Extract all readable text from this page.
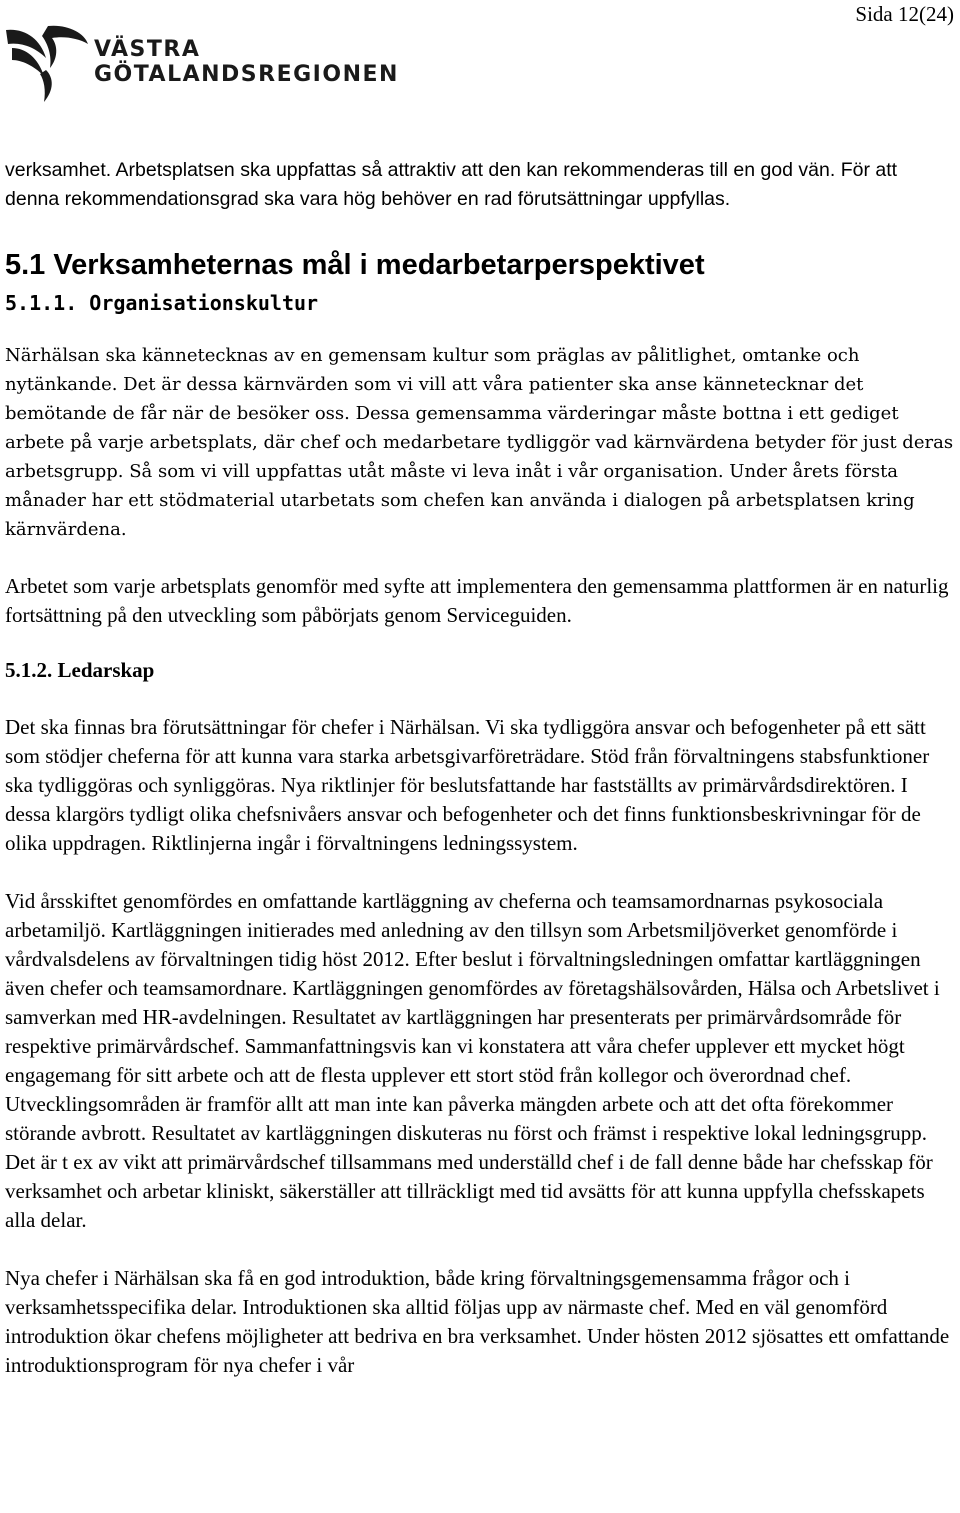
Sida 12(24)
VÄSTRA
GÖTALANDSREGIONEN

verksamhet. Arbetsplatsen ska uppfattas så attraktiv att den kan rekommenderas till en god vän. För att denna rekommendationsgrad ska vara hög behöver en rad förutsättningar uppfyllas.

5.1 Verksamheternas mål i medarbetarperspektivet
5.1.1. Organisationskultur

Närhälsan ska kännetecknas av en gemensam kultur som präglas av pålitlighet, omtanke och nytänkande. Det är dessa kärnvärden som vi vill att våra patienter ska anse kännetecknar det bemötande de får när de besöker oss. Dessa gemensamma värderingar måste bottna i ett gediget arbete på varje arbetsplats, där chef och medarbetare tydliggör vad kärnvärdena betyder för just deras arbetsgrupp. Så som vi vill uppfattas utåt måste vi leva inåt i vår organisation. Under årets första månader har ett stödmaterial utarbetats som chefen kan använda i dialogen på arbetsplatsen kring kärnvärdena.

Arbetet som varje arbetsplats genomför med syfte att implementera den gemensamma plattformen är en naturlig fortsättning på den utveckling som påbörjats genom Serviceguiden.

5.1.2. Ledarskap

Det ska finnas bra förutsättningar för chefer i Närhälsan. Vi ska tydliggöra ansvar och befogenheter på ett sätt som stödjer cheferna för att kunna vara starka arbetsgivarföreträdare. Stöd från förvaltningens stabsfunktioner ska tydliggöras och synliggöras. Nya riktlinjer för beslutsfattande har fastställts av primärvårdsdirektören. I dessa klargörs tydligt olika chefsnivåers ansvar och befogenheter och det finns funktionsbeskrivningar för de olika uppdragen. Riktlinjerna ingår i förvaltningens ledningssystem.

Vid årsskiftet genomfördes en omfattande kartläggning av cheferna och teamsamordnarnas psykosociala arbetamiljö. Kartläggningen initierades med anledning av den tillsyn som Arbetsmiljöverket genomförde i vårdvalsdelens av förvaltningen tidig höst 2012. Efter beslut i förvaltningsledningen omfattar kartläggningen även chefer och teamsamordnare. Kartläggningen genomfördes av företagshälsovården, Hälsa och Arbetslivet i samverkan med HR-avdelningen. Resultatet av kartläggningen har presenterats per primärvårdsområde för respektive primärvårdschef. Sammanfattningsvis kan vi konstatera att våra chefer upplever ett mycket högt engagemang för sitt arbete och att de flesta upplever ett stort stöd från kollegor och överordnad chef. Utvecklingsområden är framför allt att man inte kan påverka mängden arbete och att det ofta förekommer störande avbrott. Resultatet av kartläggningen diskuteras nu först och främst i respektive lokal ledningsgrupp. Det är t ex av vikt att primärvårdschef tillsammans med underställd chef i de fall denne både har chefsskap för verksamhet och arbetar kliniskt, säkerställer att tillräckligt med tid avsätts för att kunna uppfylla chefsskapets alla delar.

Nya chefer i Närhälsan ska få en god introduktion, både kring förvaltningsgemensamma frågor och i verksamhetsspecifika delar. Introduktionen ska alltid följas upp av närmaste chef. Med en väl genomförd introduktion ökar chefens möjligheter att bedriva en bra verksamhet. Under hösten 2012 sjösattes ett omfattande introduktionsprogram för nya chefer i vår
